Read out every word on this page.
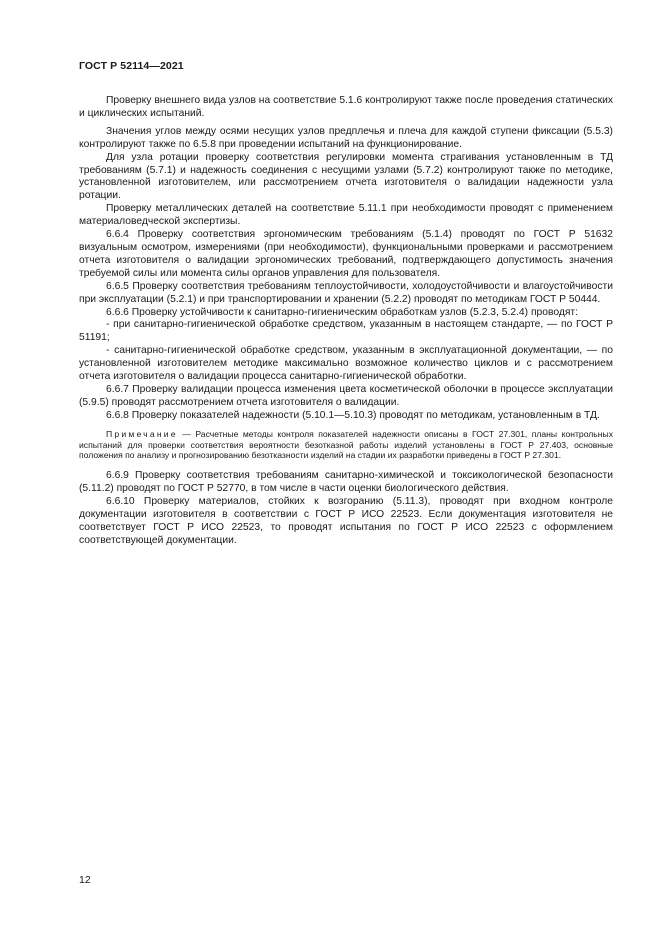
ГОСТ Р 52114—2021

Проверку внешнего вида узлов на соответствие 5.1.6 контролируют также после проведения статических и циклических испытаний.

Значения углов между осями несущих узлов предплечья и плеча для каждой ступени фиксации (5.5.3) контролируют также по 6.5.8 при проведении испытаний на функционирование.

Для узла ротации проверку соответствия регулировки момента страгивания установленным в ТД требованиям (5.7.1) и надежность соединения с несущими узлами (5.7.2) контролируют также по методике, установленной изготовителем, или рассмотрением отчета изготовителя о валидации надежности узла ротации.

Проверку металлических деталей на соответствие 5.11.1 при необходимости проводят с применением материаловедческой экспертизы.

6.6.4 Проверку соответствия эргономическим требованиям (5.1.4) проводят по ГОСТ Р 51632 визуальным осмотром, измерениями (при необходимости), функциональными проверками и рассмотрением отчета изготовителя о валидации эргономических требований, подтверждающего допустимость значения требуемой силы или момента силы органов управления для пользователя.

6.6.5 Проверку соответствия требованиям теплоустойчивости, холодоустойчивости и влагоустойчивости при эксплуатации (5.2.1) и при транспортировании и хранении (5.2.2) проводят по методикам ГОСТ Р 50444.

6.6.6 Проверку устойчивости к санитарно-гигиеническим обработкам узлов (5.2.3, 5.2.4) проводят:

- при санитарно-гигиенической обработке средством, указанным в настоящем стандарте, — по ГОСТ Р 51191;

- санитарно-гигиенической обработке средством, указанным в эксплуатационной документации, — по установленной изготовителем методике максимально возможное количество циклов и с рассмотрением отчета изготовителя о валидации процесса санитарно-гигиенической обработки.

6.6.7 Проверку валидации процесса изменения цвета косметической оболочки в процессе эксплуатации (5.9.5) проводят рассмотрением отчета изготовителя о валидации.

6.6.8 Проверку показателей надежности (5.10.1—5.10.3) проводят по методикам, установленным в ТД.

Примечание — Расчетные методы контроля показателей надежности описаны в ГОСТ 27.301, планы контрольных испытаний для проверки соответствия вероятности безотказной работы изделий установлены в ГОСТ Р 27.403, основные положения по анализу и прогнозированию безотказности изделий на стадии их разработки приведены в ГОСТ Р 27.301.

6.6.9 Проверку соответствия требованиям санитарно-химической и токсикологической безопасности (5.11.2) проводят по ГОСТ Р 52770, в том числе в части оценки биологического действия.

6.6.10 Проверку материалов, стойких к возгоранию (5.11.3), проводят при входном контроле документации изготовителя в соответствии с ГОСТ Р ИСО 22523. Если документация изготовителя не соответствует ГОСТ Р ИСО 22523, то проводят испытания по ГОСТ Р ИСО 22523 с оформлением соответствующей документации.

12
